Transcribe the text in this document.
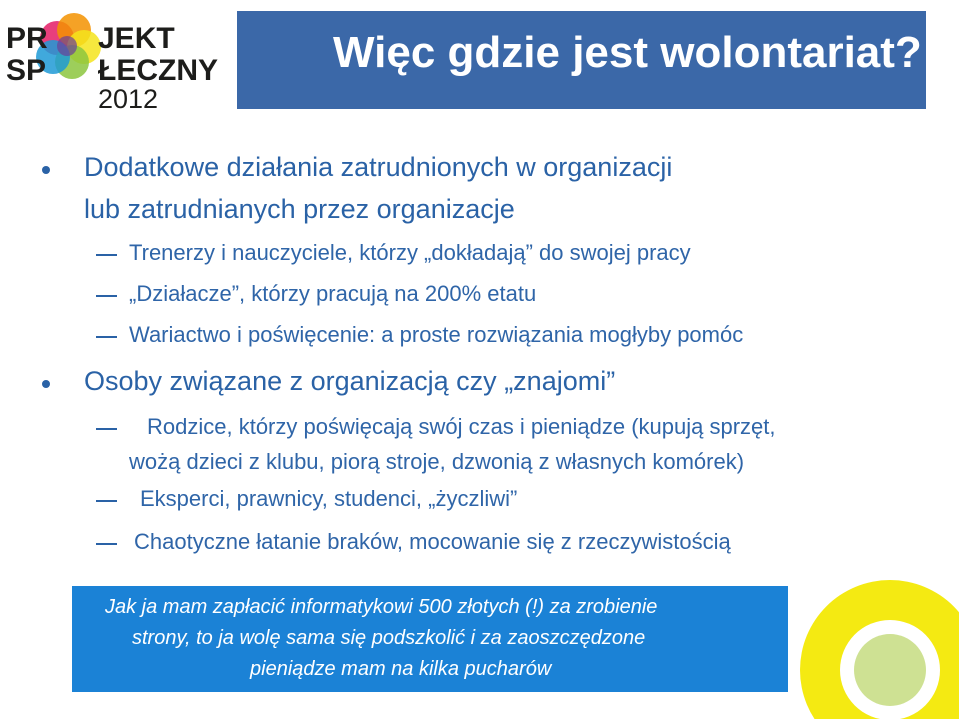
PR JEKT
SP ŁECZNY
2012
Więc gdzie jest wolontariat?
Dodatkowe działania zatrudnionych w organizacji
lub zatrudnianych przez organizacje
Trenerzy i nauczyciele, którzy „dokładają” do swojej pracy
„Działacze”, którzy pracują na 200% etatu
Wariactwo i poświęcenie: a proste rozwiązania mogłyby pomóc
Osoby związane z organizacją czy „znajomi”
Rodzice, którzy poświęcają swój czas i pieniądze (kupują sprzęt,
wożą dzieci z klubu, piorą stroje, dzwonią z własnych komórek)
Eksperci, prawnicy, studenci, „życzliwi”
Chaotyczne łatanie braków, mocowanie się z rzeczywistością
Jak ja mam zapłacić informatykowi 500 złotych (!) za zrobienie
strony, to ja wolę sama się podszkolić i za zaoszczędzone
pieniądze mam na kilka pucharów
